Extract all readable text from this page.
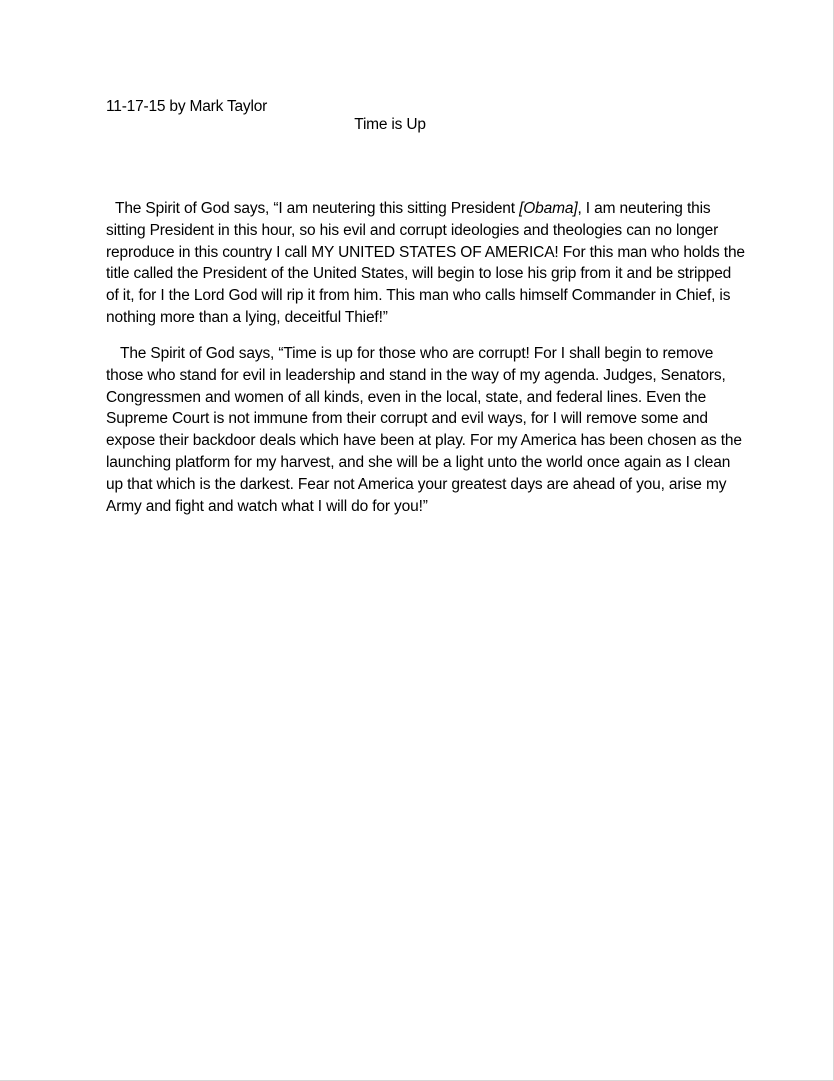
11-17-15 by Mark Taylor
Time is Up
The Spirit of God says, “I am neutering this sitting President [Obama], I am neutering this sitting President in this hour, so his evil and corrupt ideologies and theologies can no longer reproduce in this country I call MY UNITED STATES OF AMERICA! For this man who holds the title called the President of the United States, will begin to lose his grip from it and be stripped of it, for I the Lord God will rip it from him. This man who calls himself Commander in Chief, is nothing more than a lying, deceitful Thief!”
The Spirit of God says, “Time is up for those who are corrupt! For I shall begin to remove those who stand for evil in leadership and stand in the way of my agenda. Judges, Senators, Congressmen and women of all kinds, even in the local, state, and federal lines. Even the Supreme Court is not immune from their corrupt and evil ways, for I will remove some and expose their backdoor deals which have been at play. For my America has been chosen as the launching platform for my harvest, and she will be a light unto the world once again as I clean up that which is the darkest. Fear not America your greatest days are ahead of you, arise my Army and fight and watch what I will do for you!”
